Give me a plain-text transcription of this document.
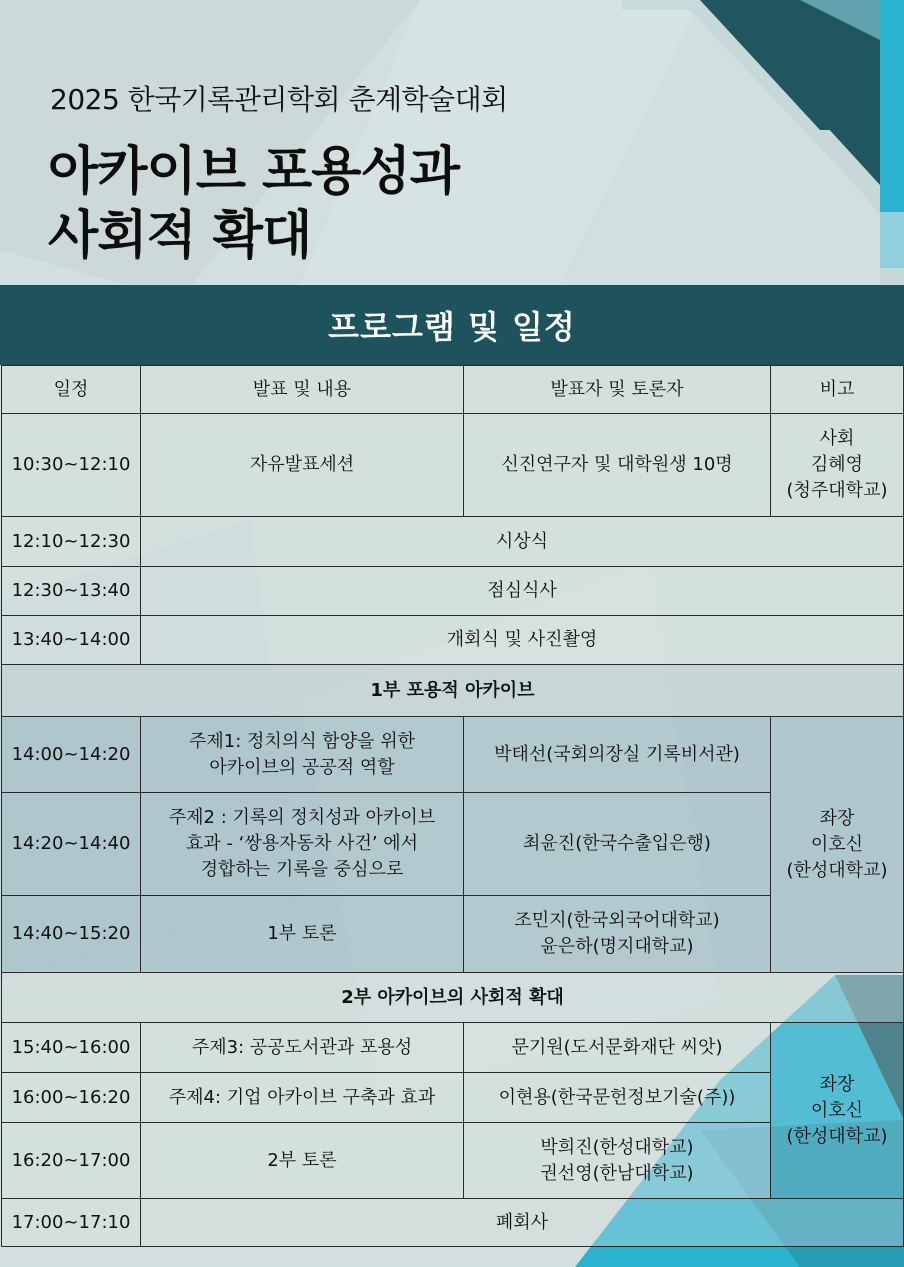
2025 한국기록관리학회 춘계학술대회
아카이브 포용성과
사회적 확대
프로그램 및 일정
일정	발표 및 내용	발표자 및 토론자	비고
10:30~12:10	자유발표세션	신진연구자 및 대학원생 10명	사회
김혜영
(청주대학교)

12:10~12:30	시상식		
12:30~13:40	점심식사		
13:40~14:00	개회식 및 사진촬영		
1부 포용적 아카이브			
14:00~14:20	주제1: 정치의식 함양을 위한
아카이브의 공공적 역할	박태선(국회의장실 기록비서관)	좌장
이호신
(한성대학교)

14:20~14:40	주제2 : 기록의 정치성과 아카이브
효과 - ‘쌍용자동차 사건’ 에서
경합하는 기록을 중심으로	최윤진(한국수출입은행)	

14:40~15:20	1부 토론	조민지(한국외국어대학교)
윤은하(명지대학교)	

2부 아카이브의 사회적 확대			
15:40~16:00	주제3: 공공도서관과 포용성	문기원(도서문화재단 씨앗)	좌장
이호신
(한성대학교)

16:00~16:20	주제4: 기업 아카이브 구축과 효과	이현용(한국문헌정보기술(주))	

16:20~17:00	2부 토론	박희진(한성대학교)
권선영(한남대학교)	

17:00~17:10	폐회사		
